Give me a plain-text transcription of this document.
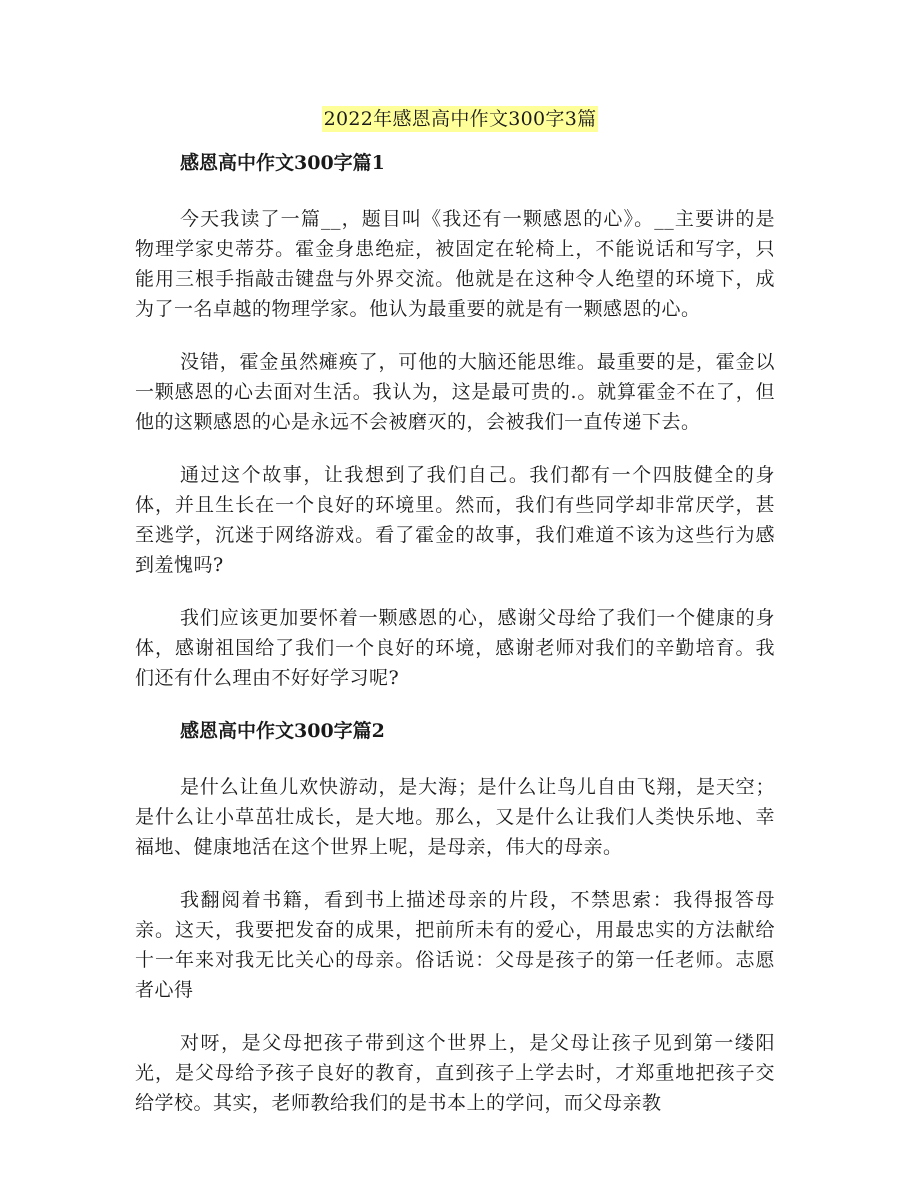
2022年感恩高中作文300字3篇
感恩高中作文300字篇1

今天我读了一篇__，题目叫《我还有一颗感恩的心》。__主要讲的是物理学家史蒂芬。霍金身患绝症，被固定在轮椅上，不能说话和写字，只能用三根手指敲击键盘与外界交流。他就是在这种令人绝望的环境下，成为了一名卓越的物理学家。他认为最重要的就是有一颗感恩的心。

没错，霍金虽然瘫痪了，可他的大脑还能思维。最重要的是，霍金以一颗感恩的心去面对生活。我认为，这是最可贵的.。就算霍金不在了，但他的这颗感恩的心是永远不会被磨灭的，会被我们一直传递下去。

通过这个故事，让我想到了我们自己。我们都有一个四肢健全的身体，并且生长在一个良好的环境里。然而，我们有些同学却非常厌学，甚至逃学，沉迷于网络游戏。看了霍金的故事，我们难道不该为这些行为感到羞愧吗?

我们应该更加要怀着一颗感恩的心，感谢父母给了我们一个健康的身体，感谢祖国给了我们一个良好的环境，感谢老师对我们的辛勤培育。我们还有什么理由不好好学习呢?

感恩高中作文300字篇2

是什么让鱼儿欢快游动，是大海；是什么让鸟儿自由飞翔，是天空；是什么让小草茁壮成长，是大地。那么，又是什么让我们人类快乐地、幸福地、健康地活在这个世界上呢，是母亲，伟大的母亲。

我翻阅着书籍，看到书上描述母亲的片段，不禁思索：我得报答母亲。这天，我要把发奋的成果，把前所未有的爱心，用最忠实的方法献给十一年来对我无比关心的母亲。俗话说：父母是孩子的第一任老师。志愿者心得

对呀，是父母把孩子带到这个世界上，是父母让孩子见到第一缕阳光，是父母给予孩子良好的教育，直到孩子上学去时，才郑重地把孩子交给学校。其实，老师教给我们的是书本上的学问，而父母亲教
